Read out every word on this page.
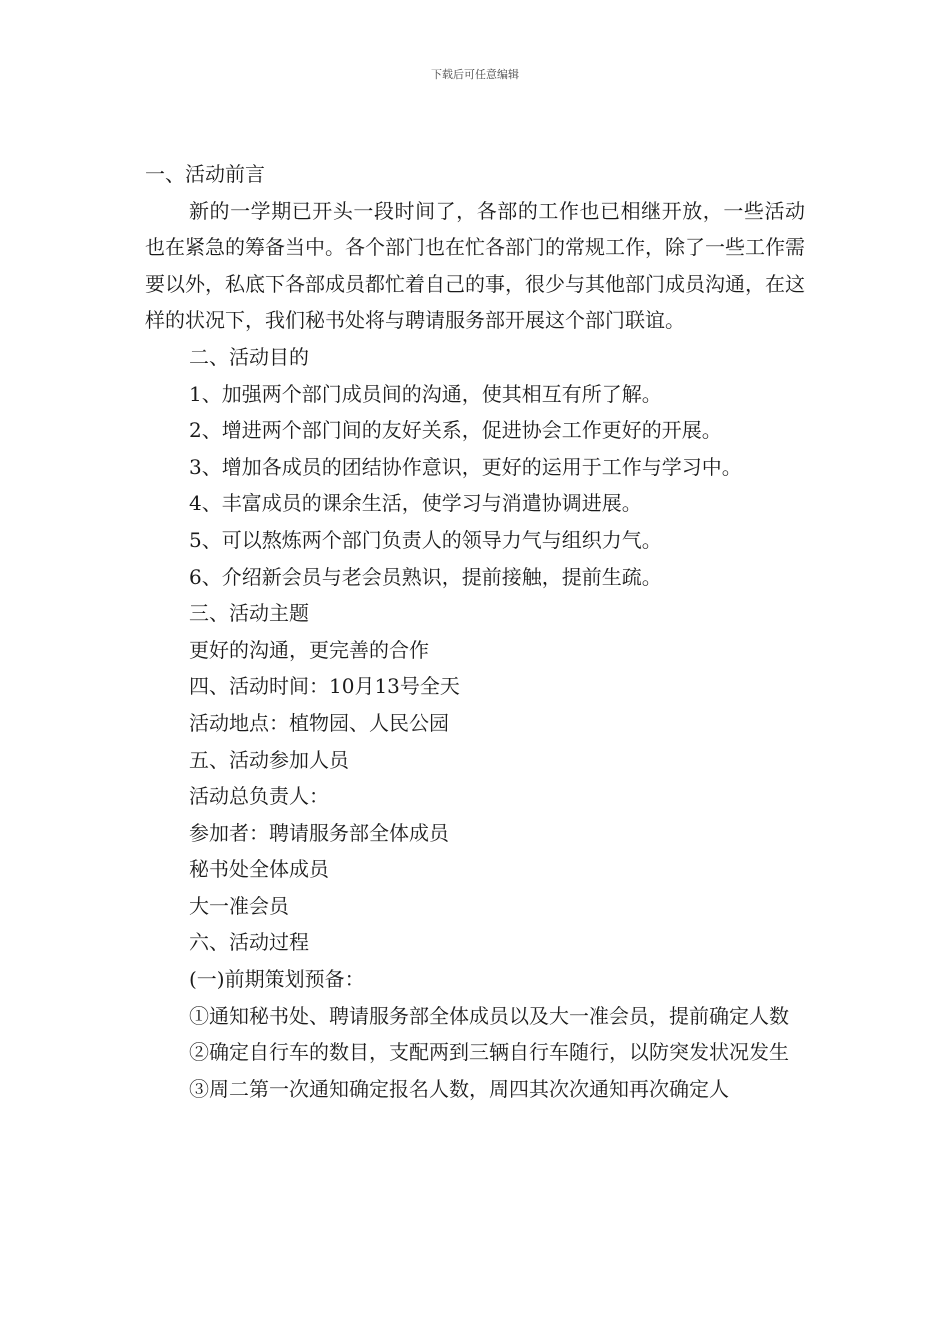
下载后可任意编辑

一、活动前言

新的一学期已开头一段时间了，各部的工作也已相继开放，一些活动也在紧急的筹备当中。各个部门也在忙各部门的常规工作，除了一些工作需要以外，私底下各部成员都忙着自己的事，很少与其他部门成员沟通，在这样的状况下，我们秘书处将与聘请服务部开展这个部门联谊。

二、活动目的

1、加强两个部门成员间的沟通，使其相互有所了解。

2、增进两个部门间的友好关系，促进协会工作更好的开展。

3、增加各成员的团结协作意识，更好的运用于工作与学习中。

4、丰富成员的课余生活，使学习与消遣协调进展。

5、可以熬炼两个部门负责人的领导力气与组织力气。

6、介绍新会员与老会员熟识，提前接触，提前生疏。

三、活动主题

更好的沟通，更完善的合作

四、活动时间：10月13号全天

活动地点：植物园、人民公园

五、活动参加人员

活动总负责人：

参加者：聘请服务部全体成员

秘书处全体成员

大一准会员

六、活动过程

(一)前期策划预备：

①通知秘书处、聘请服务部全体成员以及大一准会员，提前确定人数

②确定自行车的数目，支配两到三辆自行车随行，以防突发状况发生

③周二第一次通知确定报名人数，周四其次次通知再次确定人
